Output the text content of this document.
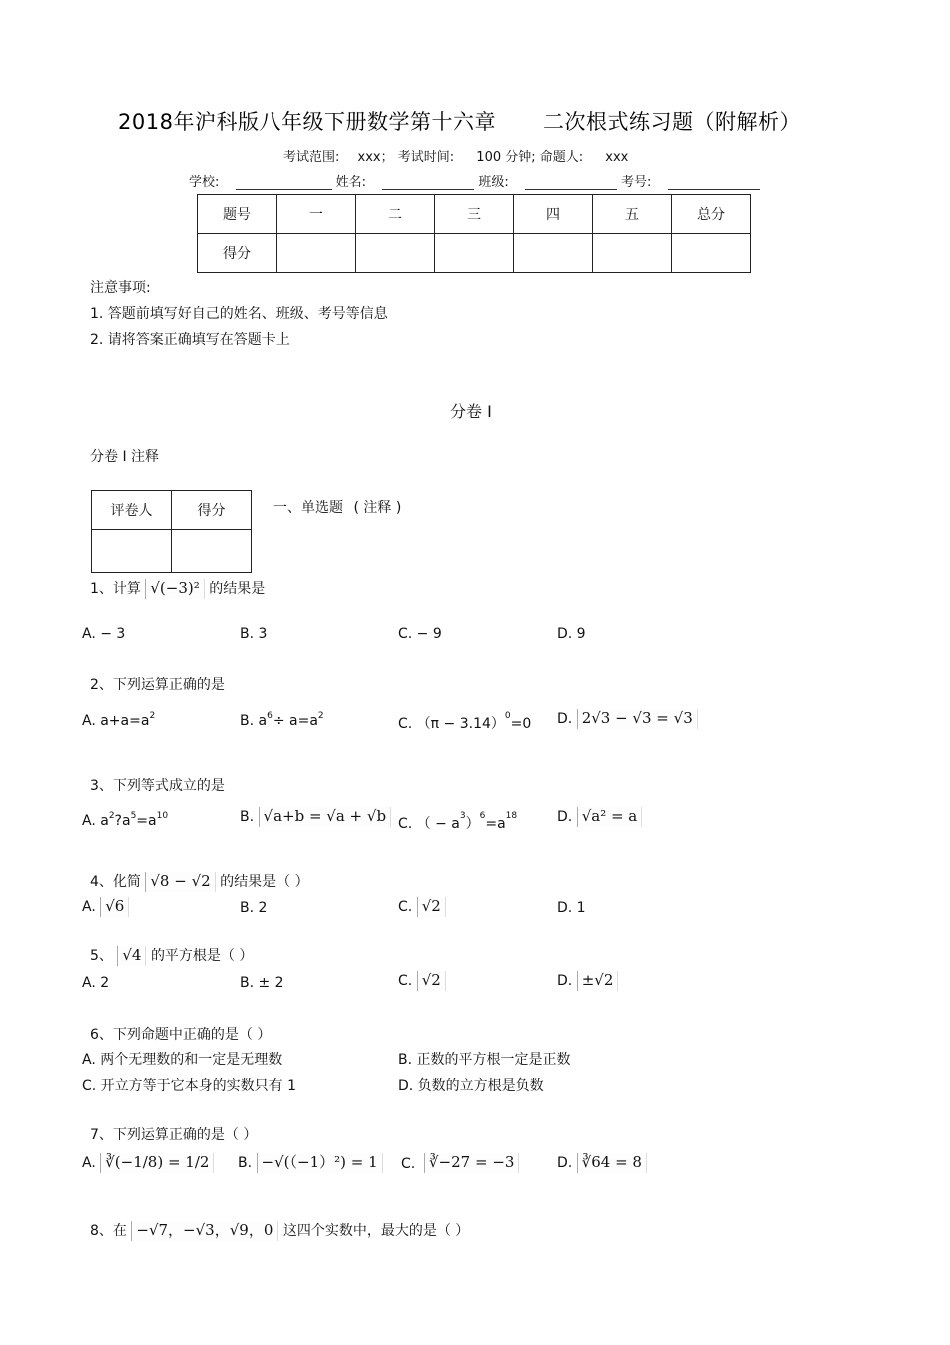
2018年沪科版八年级下册数学第十六章 二次根式练习题（附解析）
考试范围: xxx； 考试时间: 100 分钟; 命题人: xxx
学校:	姓名:	班级:	考号:
题号	一	二	三	四	五	总分
得分						
注意事项:
1. 答题前填写好自己的姓名、班级、考号等信息
2. 请将答案正确填写在答题卡上
分卷 I
分卷 I 注释
评卷人	得分
		一、单选题 ( 注释 )
1、计算 √(−3)² 的结果是
A. − 3	B. 3	C. − 9	D. 9
2、下列运算正确的是
A. $a+a=a^2$	B. $a^6\div a=a^2$	C. $(\pi - 3.14)^0=0$ D. 2√3 − √3 = √3
3、下列等式成立的是
A. $a^2?a^5=a^{10}$	B. √a+b = √a + √b C. （ − $a^3)^6=a^{18}$	D. √a² = a
4、化简 √8 − √2 的结果是（ ）
A. √6	B. 2	C. √2	D. 1
5、 √4 的平方根是（ ）
A. 2	B. ± 2	C. √2	D. ±√2
6、下列命题中正确的是（ ）
A. 两个无理数的和一定是无理数	B. 正数的平方根一定是正数
C. 开立方等于它本身的实数只有 1	D. 负数的立方根是负数
7、下列运算正确的是（ ）
A. ∛(−1/8) = 1/2	B. −√(（−1）²) = 1	∛−27 = −3
C.	D. ∛64 = 8
8、在 −√7，−√3，√9，0 这四个实数中，最大的是（ ）
